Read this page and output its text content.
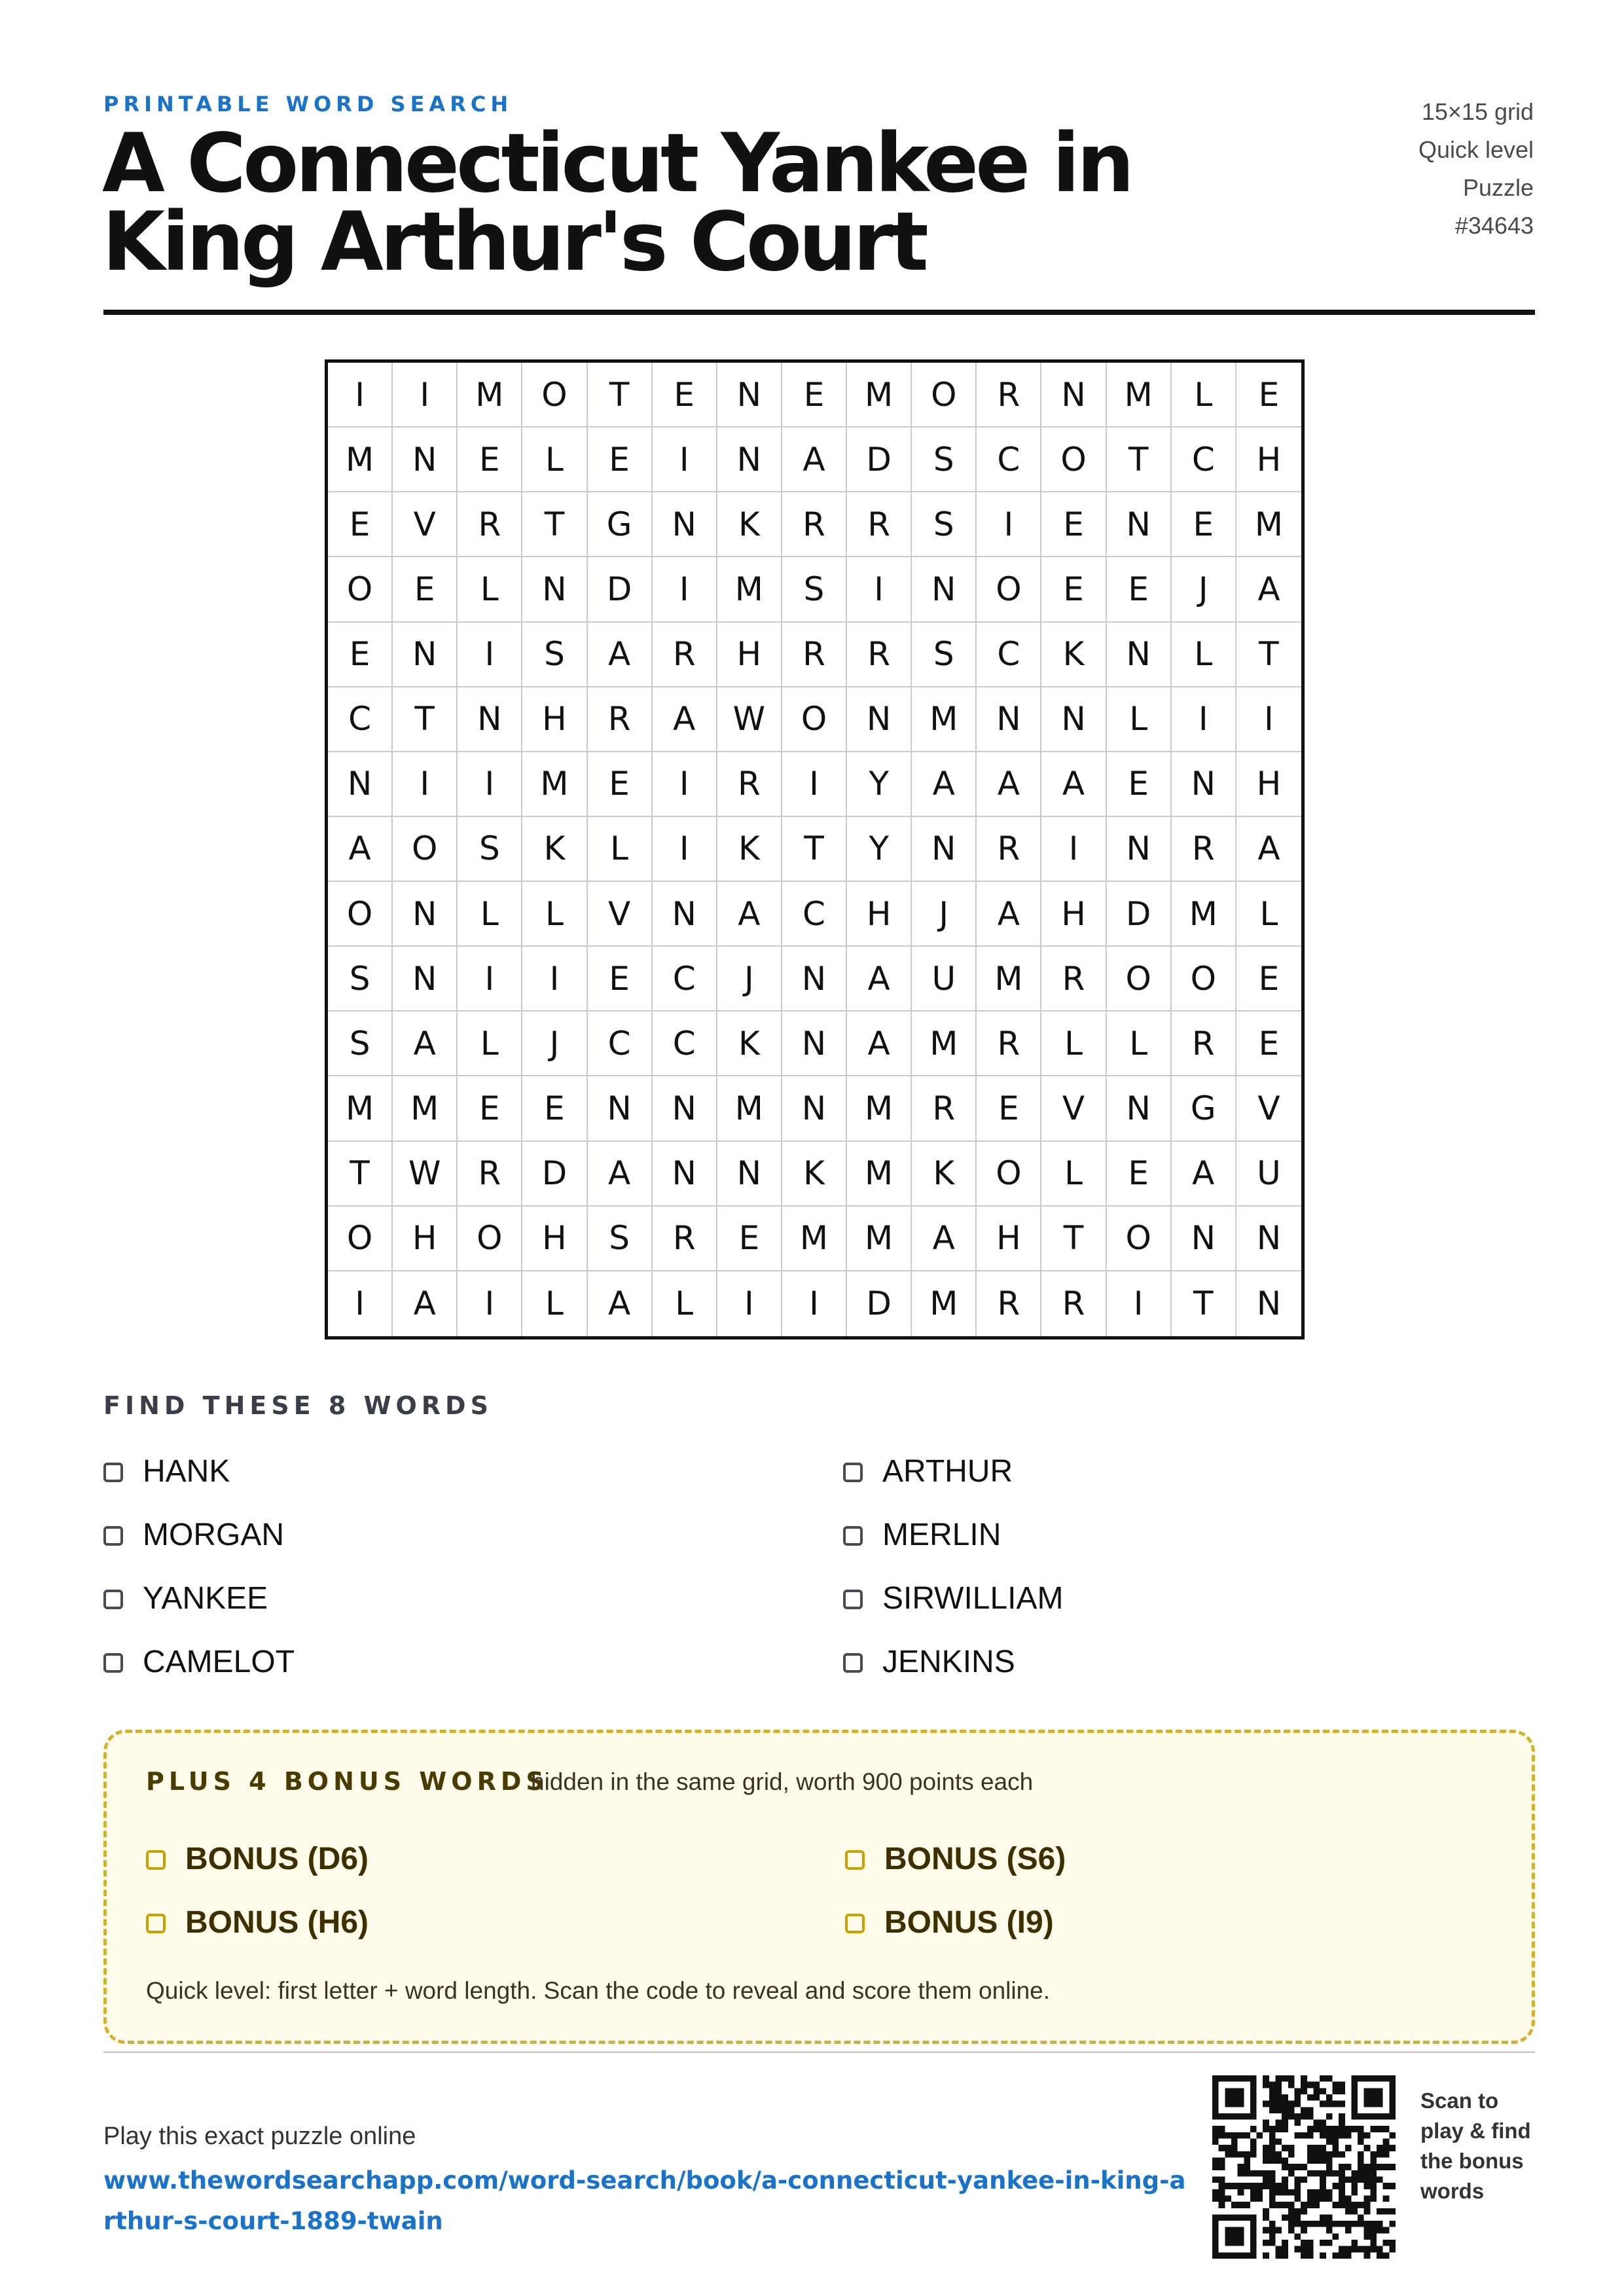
PRINTABLE WORD SEARCH
A Connecticut Yankee in King Arthur's Court
15×15 grid
Quick level
Puzzle
#34643
I	I	M	O	T	E	N	E	M	O	R	N	M	L	E
M	N	E	L	E	I	N	A	D	S	C	O	T	C	H
E	V	R	T	G	N	K	R	R	S	I	E	N	E	M
O	E	L	N	D	I	M	S	I	N	O	E	E	J	A
E	N	I	S	A	R	H	R	R	S	C	K	N	L	T
C	T	N	H	R	A	W	O	N	M	N	N	L	I	I
N	I	I	M	E	I	R	I	Y	A	A	A	E	N	H
A	O	S	K	L	I	K	T	Y	N	R	I	N	R	A
O	N	L	L	V	N	A	C	H	J	A	H	D	M	L
S	N	I	I	E	C	J	N	A	U	M	R	O	O	E
S	A	L	J	C	C	K	N	A	M	R	L	L	R	E
M	M	E	E	N	N	M	N	M	R	E	V	N	G	V
T	W	R	D	A	N	N	K	M	K	O	L	E	A	U
O	H	O	H	S	R	E	M	M	A	H	T	O	N	N
I	A	I	L	A	L	I	I	D	M	R	R	I	T	N
FIND THESE 8 WORDS
HANK	ARTHUR
MORGAN	MERLIN
YANKEE	SIRWILLIAM
CAMELOT	JENKINS
PLUS 4 BONUS WORDS
hidden in the same grid, worth 900 points each
BONUS (D6)	BONUS (S6)
BONUS (H6)	BONUS (I9)
Quick level: first letter + word length. Scan the code to reveal and score them online.
Play this exact puzzle online
www.thewordsearchapp.com/word-search/book/a-connecticut-yankee-in-king-arthur-s-court-1889-twain
Scan to play & find the bonus words
